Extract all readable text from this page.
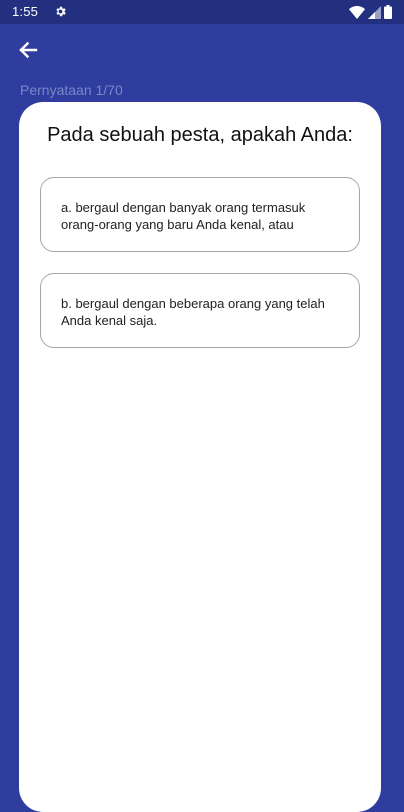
1:55
Pernyataan 1/70
Pada sebuah pesta, apakah Anda:
a. bergaul dengan banyak orang termasuk orang-orang yang baru Anda kenal, atau
b. bergaul dengan beberapa orang yang telah Anda kenal saja.
